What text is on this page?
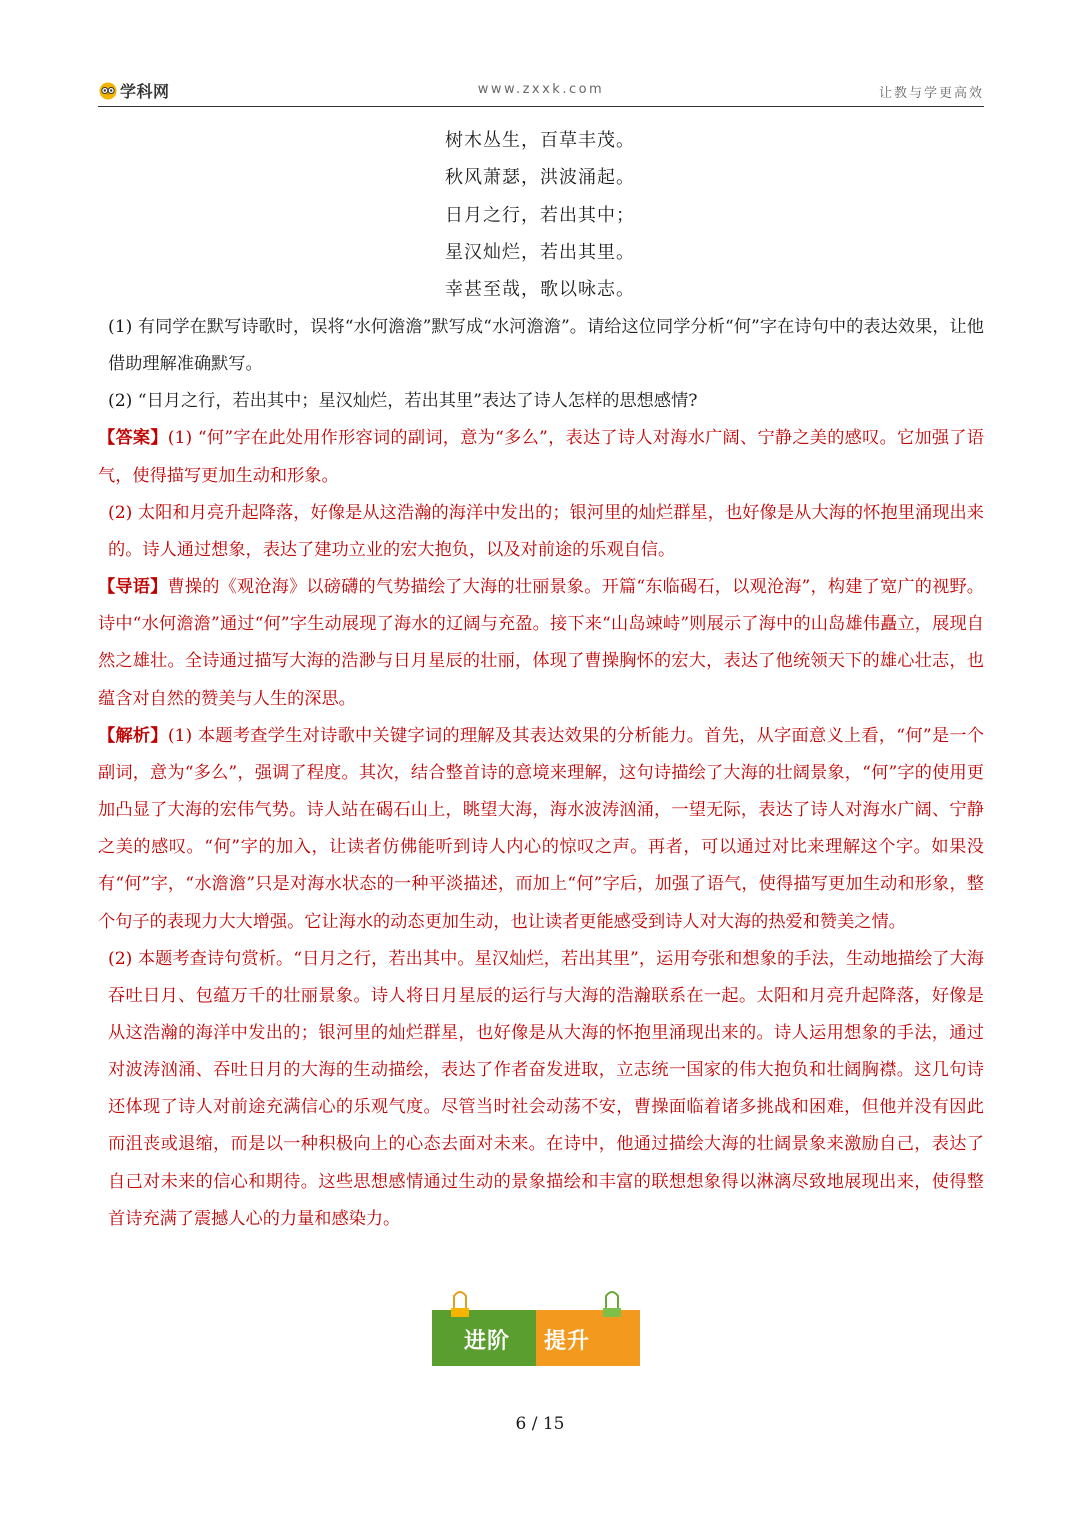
学科网	www.zxxk.com	让教与学更高效
树木丛生，百草丰茂。
秋风萧瑟，洪波涌起。
日月之行，若出其中；
星汉灿烂，若出其里。
幸甚至哉，歌以咏志。

(1) 有同学在默写诗歌时，误将“水何澹澹”默写成“水河澹澹”。请给这位同学分析“何”字在诗句中的表达效果，让他借助理解准确默写。

(2) “日月之行，若出其中；星汉灿烂，若出其里”表达了诗人怎样的思想感情?

【答案】(1) “何”字在此处用作形容词的副词，意为“多么”，表达了诗人对海水广阔、宁静之美的感叹。它加强了语气，使得描写更加生动和形象。

(2) 太阳和月亮升起降落，好像是从这浩瀚的海洋中发出的；银河里的灿烂群星，也好像是从大海的怀抱里涌现出来的。诗人通过想象，表达了建功立业的宏大抱负，以及对前途的乐观自信。

【导语】曹操的《观沧海》以磅礴的气势描绘了大海的壮丽景象。开篇“东临碣石，以观沧海”，构建了宽广的视野。诗中“水何澹澹”通过“何”字生动展现了海水的辽阔与充盈。接下来“山岛竦峙”则展示了海中的山岛雄伟矗立，展现自然之雄壮。全诗通过描写大海的浩渺与日月星辰的壮丽，体现了曹操胸怀的宏大，表达了他统领天下的雄心壮志，也蕴含对自然的赞美与人生的深思。

【解析】(1) 本题考查学生对诗歌中关键字词的理解及其表达效果的分析能力。首先，从字面意义上看，“何”是一个副词，意为“多么”，强调了程度。其次，结合整首诗的意境来理解，这句诗描绘了大海的壮阔景象，“何”字的使用更加凸显了大海的宏伟气势。诗人站在碣石山上，眺望大海，海水波涛汹涌，一望无际，表达了诗人对海水广阔、宁静之美的感叹。“何”字的加入，让读者仿佛能听到诗人内心的惊叹之声。再者，可以通过对比来理解这个字。如果没有“何”字，“水澹澹”只是对海水状态的一种平淡描述，而加上“何”字后，加强了语气，使得描写更加生动和形象，整个句子的表现力大大增强。它让海水的动态更加生动，也让读者更能感受到诗人对大海的热爱和赞美之情。

(2) 本题考查诗句赏析。“日月之行，若出其中。星汉灿烂，若出其里”，运用夸张和想象的手法，生动地描绘了大海吞吐日月、包蕴万千的壮丽景象。诗人将日月星辰的运行与大海的浩瀚联系在一起。太阳和月亮升起降落，好像是从这浩瀚的海洋中发出的；银河里的灿烂群星，也好像是从大海的怀抱里涌现出来的。诗人运用想象的手法，通过对波涛汹涌、吞吐日月的大海的生动描绘，表达了作者奋发进取，立志统一国家的伟大抱负和壮阔胸襟。这几句诗还体现了诗人对前途充满信心的乐观气度。尽管当时社会动荡不安，曹操面临着诸多挑战和困难，但他并没有因此而沮丧或退缩，而是以一种积极向上的心态去面对未来。在诗中，他通过描绘大海的壮阔景象来激励自己，表达了自己对未来的信心和期待。这些思想感情通过生动的景象描绘和丰富的联想想象得以淋漓尽致地展现出来，使得整首诗充满了震撼人心的力量和感染力。

进阶 提升
6 / 15
